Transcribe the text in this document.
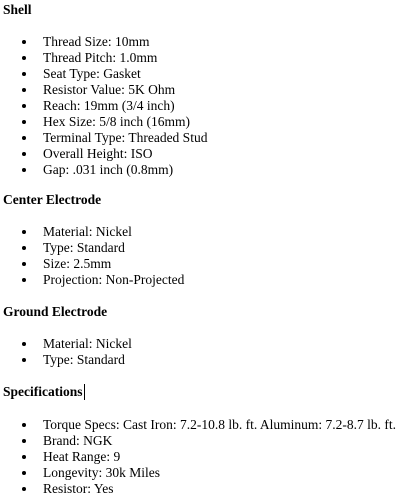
Shell
Thread Size: 10mm
Thread Pitch: 1.0mm
Seat Type: Gasket
Resistor Value: 5K Ohm
Reach: 19mm (3/4 inch)
Hex Size: 5/8 inch (16mm)
Terminal Type: Threaded Stud
Overall Height: ISO
Gap: .031 inch (0.8mm)
Center Electrode
Material: Nickel
Type: Standard
Size: 2.5mm
Projection: Non-Projected
Ground Electrode
Material: Nickel
Type: Standard
Specifications
Torque Specs: Cast Iron: 7.2-10.8 lb. ft. Aluminum: 7.2-8.7 lb. ft.
Brand: NGK
Heat Range: 9
Longevity: 30k Miles
Resistor: Yes
